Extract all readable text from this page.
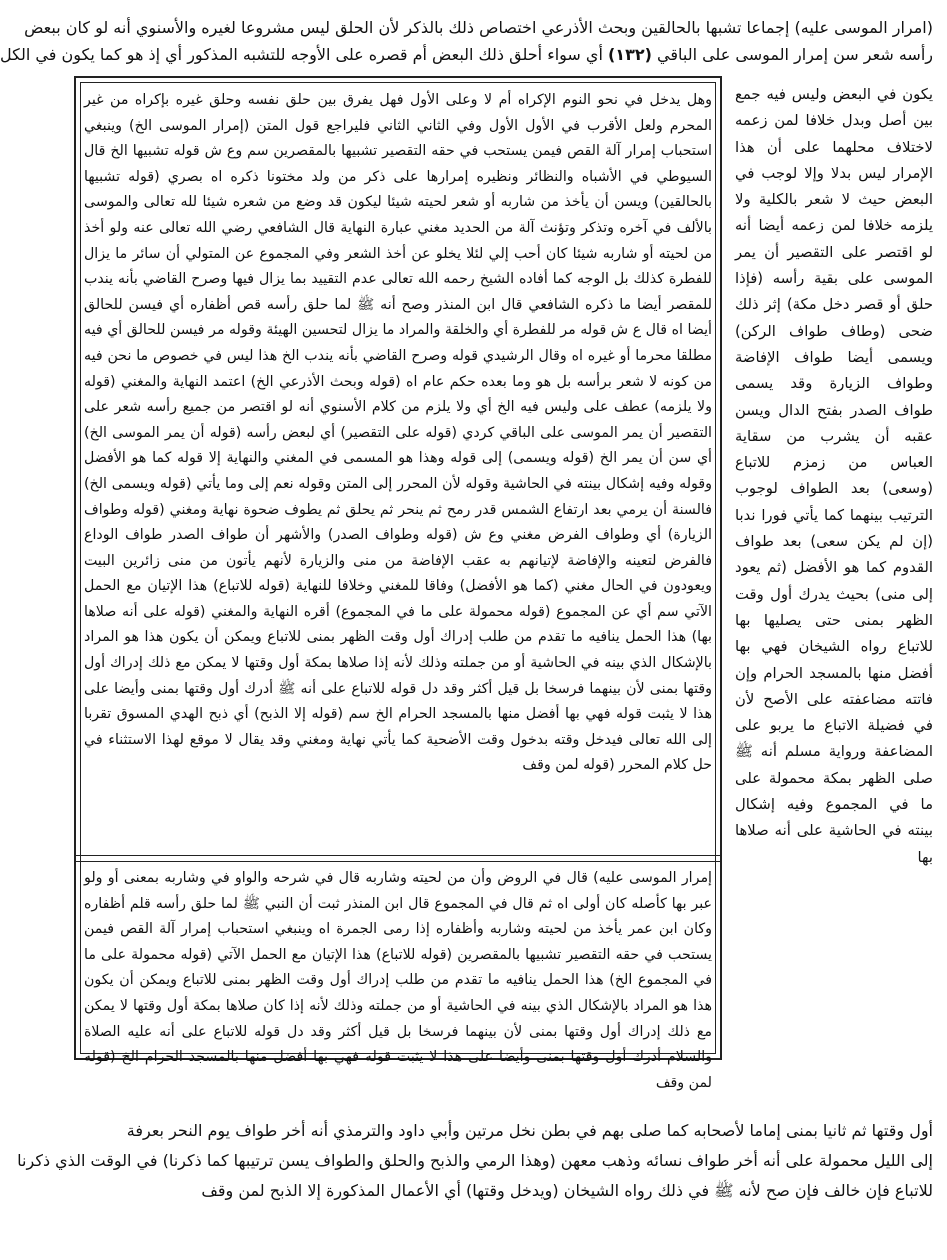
(امرار الموسى عليه) إجماعا تشبها بالحالقين وبحث الأذرعي اختصاص ذلك بالذكر لأن الحلق ليس مشروعا لغيره والأسنوي أنه لو كان ببعض
رأسه شعر سن إمرار الموسى على الباقي (١٣٢) أي سواء أحلق ذلك البعض أم قصره على الأوجه للتشبه المذكور أي إذ هو كما يكون في الكل
وهل يدخل في نحو النوم الإكراه أم لا وعلى الأول فهل يفرق بين حلق نفسه وحلق غيره بإكراه من غير المحرم ولعل الأقرب في الأول الأول وفي الثاني الثاني فليراجع قول المتن (إمرار الموسى الخ) وينبغي استحباب إمرار آلة القص فيمن يستحب في حقه التقصير تشبيها بالمقصرين سم وع ش قوله تشبيها الخ قال السيوطي في الأشباه والنظائر ونظيره إمرارها على ذكر من ولد مختونا ذكره اه بصري (قوله تشبيها بالحالقين) ويسن أن يأخذ من شاربه أو شعر لحيته شيئا ليكون قد وضع من شعره شيئا لله تعالى والموسى بالألف في آخره وتذكر وتؤنث آلة من الحديد مغني عبارة النهاية قال الشافعي رضي الله تعالى عنه ولو أخذ من لحيته أو شاربه شيئا كان أحب إلي لئلا يخلو عن أخذ الشعر وفي المجموع عن المتولي أن سائر ما يزال للفطرة كذلك بل الوجه كما أفاده الشيخ رحمه الله تعالى عدم التقييد بما يزال فيها وصرح القاضي بأنه يندب للمقصر أيضا ما ذكره الشافعي قال ابن المنذر وصح أنه ﷺ لما حلق رأسه قص أظفاره أي فيسن للحالق أيضا اه قال ع ش قوله مر للفطرة أي والخلقة والمراد ما يزال لتحسين الهيئة وقوله مر فيسن للحالق أي فيه مطلقا محرما أو غيره اه وقال الرشيدي قوله وصرح القاضي بأنه يندب الخ هذا ليس في خصوص ما نحن فيه من كونه لا شعر برأسه بل هو وما بعده حكم عام اه (قوله وبحث الأذرعي الخ) اعتمد النهاية والمغني (قوله ولا يلزمه) عطف على وليس فيه الخ أي ولا يلزم من كلام الأسنوي أنه لو اقتصر من جميع رأسه شعر على التقصير أن يمر الموسى على الباقي كردي (قوله على التقصير) أي لبعض رأسه (قوله أن يمر الموسى الخ) أي سن أن يمر الخ (قوله ويسمى) إلى قوله وهذا هو المسمى في المغني والنهاية إلا قوله كما هو الأفضل وقوله وفيه إشكال بينته في الحاشية وقوله لأن المحرر إلى المتن وقوله نعم إلى وما يأتي (قوله ويسمى الخ) فالسنة أن يرمي بعد ارتفاع الشمس قدر رمح ثم ينحر ثم يحلق ثم يطوف ضحوة نهاية ومغني (قوله وطواف الزيارة) أي وطواف الفرض مغني وع ش (قوله وطواف الصدر) والأشهر أن طواف الصدر طواف الوداع فالفرض لتعينه والإفاضة لإتيانهم به عقب الإفاضة من منى والزيارة لأنهم يأتون من منى زائرين البيت ويعودون في الحال مغني (كما هو الأفضل) وفاقا للمغني وخلافا للنهاية (قوله للاتباع) هذا الإتيان مع الحمل الآتي سم أي عن المجموع (قوله محمولة على ما في المجموع) أقره النهاية والمغني (قوله على أنه صلاها بها) هذا الحمل ينافيه ما تقدم من طلب إدراك أول وقت الظهر بمنى للاتباع ويمكن أن يكون هذا هو المراد بالإشكال الذي بينه في الحاشية أو من جملته وذلك لأنه إذا صلاها بمكة أول وقتها لا يمكن مع ذلك إدراك أول وقتها بمنى لأن بينهما فرسخا بل قيل أكثر وقد دل قوله للاتباع على أنه ﷺ أدرك أول وقتها بمنى وأيضا على هذا لا يثبت قوله فهي بها أفضل منها بالمسجد الحرام الخ سم (قوله إلا الذبح) أي ذبح الهدي المسوق تقربا إلى الله تعالى فيدخل وقته بدخول وقت الأضحية كما يأتي نهاية ومغني وقد يقال لا موقع لهذا الاستثناء في حل كلام المحرر (قوله لمن وقف
إمرار الموسى عليه) قال في الروض وأن من لحيته وشاربه قال في شرحه والواو في وشاربه بمعنى أو ولو عبر بها كأصله كان أولى اه ثم قال في المجموع قال ابن المنذر ثبت أن النبي ﷺ لما حلق رأسه قلم أظفاره وكان ابن عمر يأخذ من لحيته وشاربه وأظفاره إذا رمى الجمرة اه وينبغي استحباب إمرار آلة القص فيمن يستحب في حقه التقصير تشبيها بالمقصرين (قوله للاتباع) هذا الإتيان مع الحمل الآتي (قوله محمولة على ما في المجموع الخ) هذا الحمل ينافيه ما تقدم من طلب إدراك أول وقت الظهر بمنى للاتباع ويمكن أن يكون هذا هو المراد بالإشكال الذي بينه في الحاشية أو من جملته وذلك لأنه إذا كان صلاها بمكة أول وقتها لا يمكن مع ذلك إدراك أول وقتها بمنى لأن بينهما فرسخا بل قيل أكثر وقد دل قوله للاتباع على أنه عليه الصلاة والسلام أدرك أول وقتها بمنى وأيضا على هذا لا يثبت قوله فهي بها أفضل منها بالمسجد الحرام الخ (قوله لمن وقف
يكون في البعض وليس فيه جمع بين أصل وبدل خلافا لمن زعمه لاختلاف محلهما على أن هذا الإمرار ليس بدلا وإلا لوجب في البعض حيث لا شعر بالكلية ولا يلزمه خلافا لمن زعمه أيضا أنه لو اقتصر على التقصير أن يمر الموسى على بقية رأسه (فإذا حلق أو قصر دخل مكة) إثر ذلك ضحى (وطاف طواف الركن) ويسمى أيضا طواف الإفاضة وطواف الزيارة وقد يسمى طواف الصدر بفتح الدال ويسن عقبه أن يشرب من سقاية العباس من زمزم للاتباع (وسعى) بعد الطواف لوجوب الترتيب بينهما كما يأتي فورا ندبا (إن لم يكن سعى) بعد طواف القدوم كما هو الأفضل (ثم يعود إلى منى) بحيث يدرك أول وقت الظهر بمنى حتى يصليها بها للاتباع رواه الشيخان فهي بها أفضل منها بالمسجد الحرام وإن فاتته مضاعفته على الأصح لأن في فضيلة الاتباع ما يربو على المضاعفة ورواية مسلم أنه ﷺ صلى الظهر بمكة محمولة على ما في المجموع وفيه إشكال بينته في الحاشية على أنه صلاها بها
أول وقتها ثم ثانيا بمنى إماما لأصحابه كما صلى بهم في بطن نخل مرتين وأبي داود والترمذي أنه أخر طواف يوم النحر بعرفة
إلى الليل محمولة على أنه أخر طواف نسائه وذهب معهن (وهذا الرمي والذبح والحلق والطواف يسن ترتيبها كما ذكرنا) في الوقت الذي ذكرنا
للاتباع فإن خالف فإن صح لأنه ﷺ في ذلك رواه الشيخان (ويدخل وقتها) أي الأعمال المذكورة إلا الذبح لمن وقف
